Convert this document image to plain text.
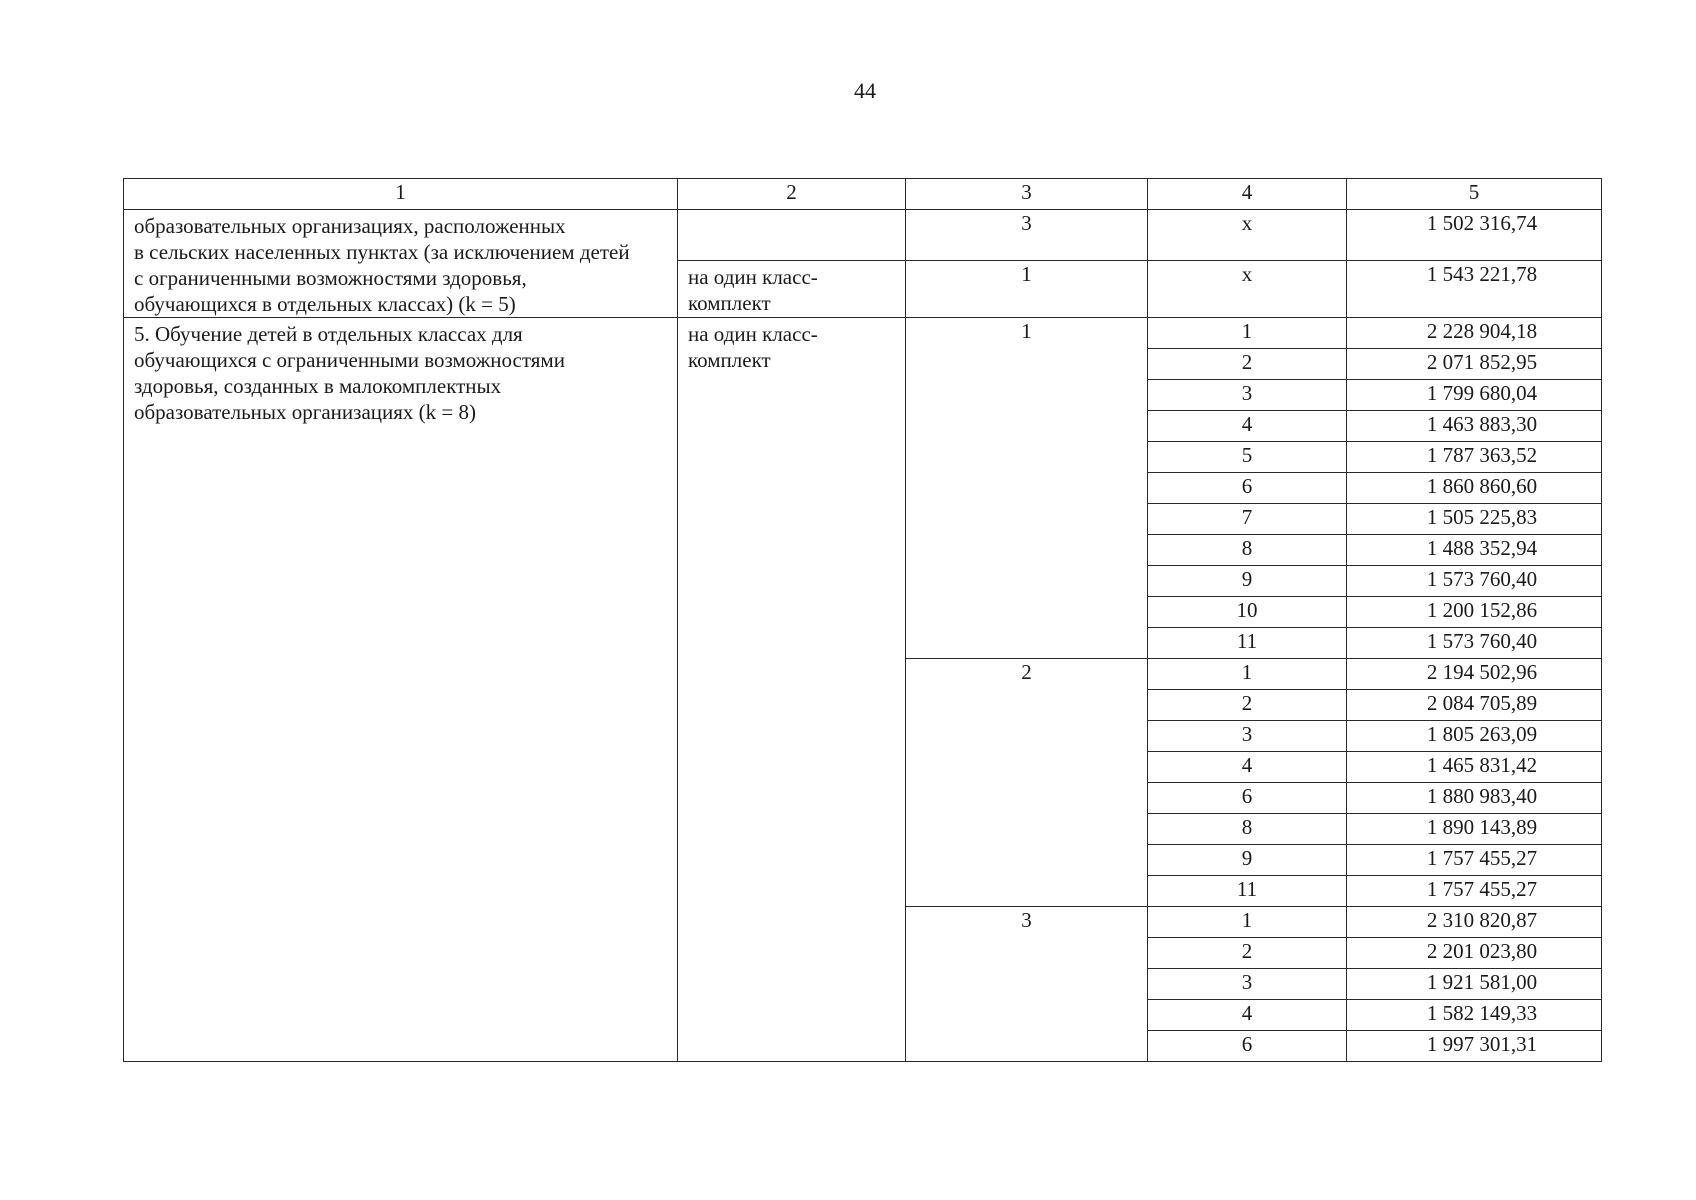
44
1	2	3	4	5

образовательных организациях, расположенных
в сельских населенных пунктах (за исключением детей
с ограниченными возможностями здоровья,
обучающихся в отдельных классах) (k = 5)		3	x	1 502 316,74

	на один класс-
комплект	1	x	1 543 221,78

5. Обучение детей в отдельных классах для
обучающихся с ограниченными возможностями
здоровья, созданных в малокомплектных
образовательных организациях (k = 8)	на один класс-
комплект	1	1	2 228 904,18
			2	2 071 852,95
			3	1 799 680,04
			4	1 463 883,30
			5	1 787 363,52
			6	1 860 860,60
			7	1 505 225,83
			8	1 488 352,94
			9	1 573 760,40
			10	1 200 152,86
			11	1 573 760,40
		2	1	2 194 502,96
			2	2 084 705,89
			3	1 805 263,09
			4	1 465 831,42
			6	1 880 983,40
			8	1 890 143,89
			9	1 757 455,27
			11	1 757 455,27
		3	1	2 310 820,87
			2	2 201 023,80
			3	1 921 581,00
			4	1 582 149,33
			6	1 997 301,31
